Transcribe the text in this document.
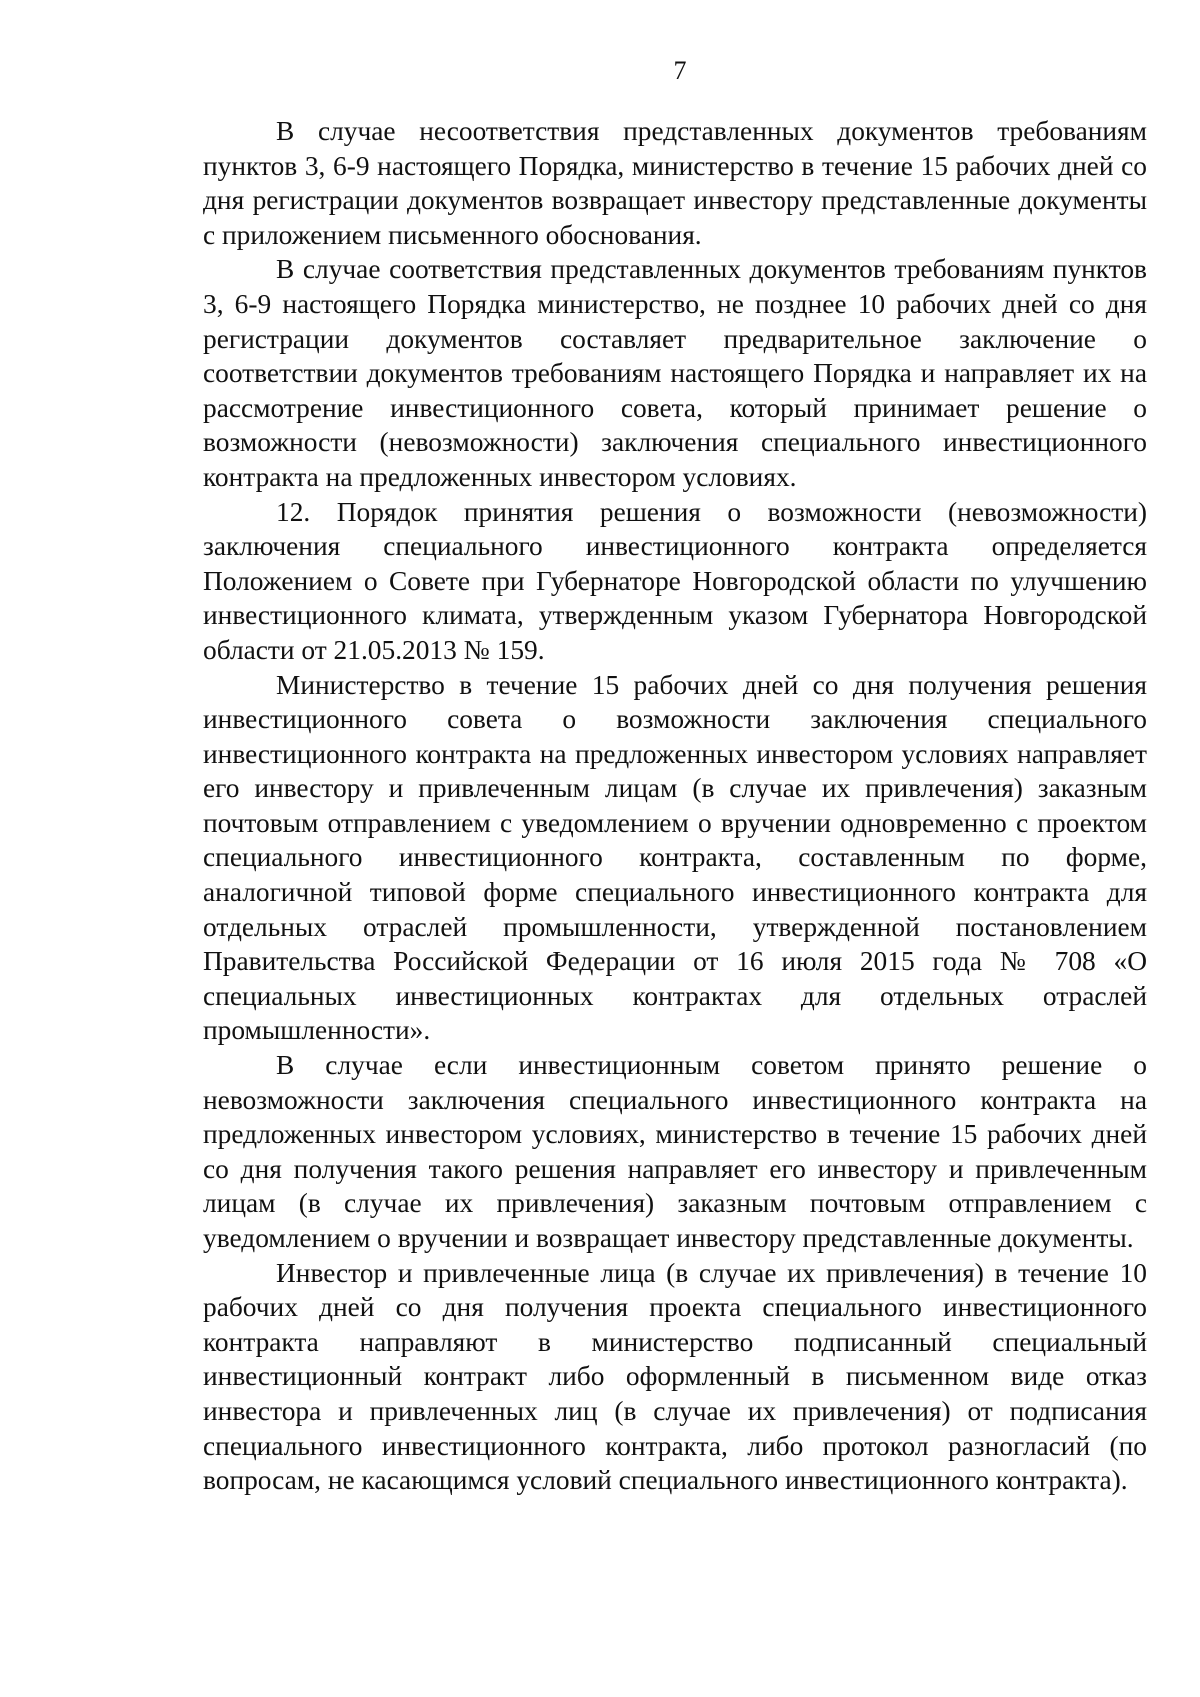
7

В случае несоответствия представленных документов требованиям пунктов 3, 6-9 настоящего Порядка, министерство в течение 15 рабочих дней со дня регистрации документов возвращает инвестору представленные документы с приложением письменного обоснования.

В случае соответствия представленных документов требованиям пунктов 3, 6-9 настоящего Порядка министерство, не позднее 10 рабочих дней со дня регистрации документов составляет предварительное заключение о соответствии документов требованиям настоящего Порядка и направляет их на рассмотрение инвестиционного совета, который принимает решение о возможности (невозможности) заключения специального инвестиционного контракта на предложенных инвестором условиях.

12. Порядок принятия решения о возможности (невозможности) заключения специального инвестиционного контракта определяется Положением о Совете при Губернаторе Новгородской области по улучшению инвестиционного климата, утвержденным указом Губернатора Новгородской области от 21.05.2013 № 159.

Министерство в течение 15 рабочих дней со дня получения решения инвестиционного совета о возможности заключения специального инвестиционного контракта на предложенных инвестором условиях направляет его инвестору и привлеченным лицам (в случае их привлечения) заказным почтовым отправлением с уведомлением о вручении одновременно с проектом специального инвестиционного контракта, составленным по форме, аналогичной типовой форме специального инвестиционного контракта для отдельных отраслей промышленности, утвержденной постановлением Правительства Российской Федерации от 16 июля 2015 года № 708 «О специальных инвестиционных контрактах для отдельных отраслей промышленности».

В случае если инвестиционным советом принято решение о невозможности заключения специального инвестиционного контракта на предложенных инвестором условиях, министерство в течение 15 рабочих дней со дня получения такого решения направляет его инвестору и привлеченным лицам (в случае их привлечения) заказным почтовым отправлением с уведомлением о вручении и возвращает инвестору представленные документы.

Инвестор и привлеченные лица (в случае их привлечения) в течение 10 рабочих дней со дня получения проекта специального инвестиционного контракта направляют в министерство подписанный специальный инвестиционный контракт либо оформленный в письменном виде отказ инвестора и привлеченных лиц (в случае их привлечения) от подписания специального инвестиционного контракта, либо протокол разногласий (по вопросам, не касающимся условий специального инвестиционного контракта).
